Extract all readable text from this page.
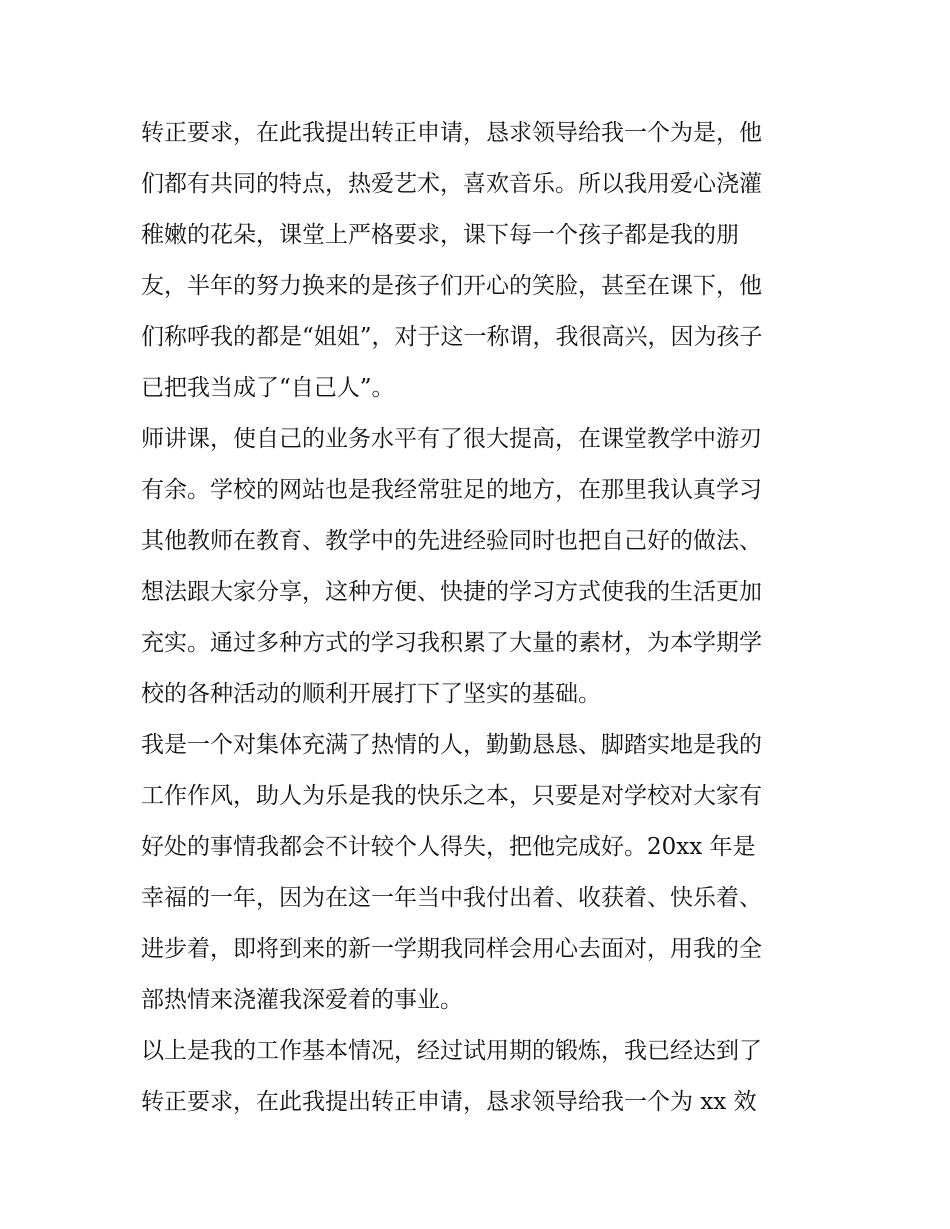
转正要求，在此我提出转正申请，恳求领导给我一个为是，他
们都有共同的特点，热爱艺术，喜欢音乐。所以我用爱心浇灌
稚嫩的花朵，课堂上严格要求，课下每一个孩子都是我的朋
友，半年的努力换来的是孩子们开心的笑脸，甚至在课下，他
们称呼我的都是“姐姐”，对于这一称谓，我很高兴，因为孩子
已把我当成了“自己人”。
师讲课，使自己的业务水平有了很大提高，在课堂教学中游刃
有余。学校的网站也是我经常驻足的地方，在那里我认真学习
其他教师在教育、教学中的先进经验同时也把自己好的做法、
想法跟大家分享，这种方便、快捷的学习方式使我的生活更加
充实。通过多种方式的学习我积累了大量的素材，为本学期学
校的各种活动的顺利开展打下了坚实的基础。
我是一个对集体充满了热情的人，勤勤恳恳、脚踏实地是我的
工作作风，助人为乐是我的快乐之本，只要是对学校对大家有
好处的事情我都会不计较个人得失，把他完成好。20xx 年是
幸福的一年，因为在这一年当中我付出着、收获着、快乐着、
进步着，即将到来的新一学期我同样会用心去面对，用我的全
部热情来浇灌我深爱着的事业。
以上是我的工作基本情况，经过试用期的锻炼，我已经达到了
转正要求，在此我提出转正申请，恳求领导给我一个为 xx 效
